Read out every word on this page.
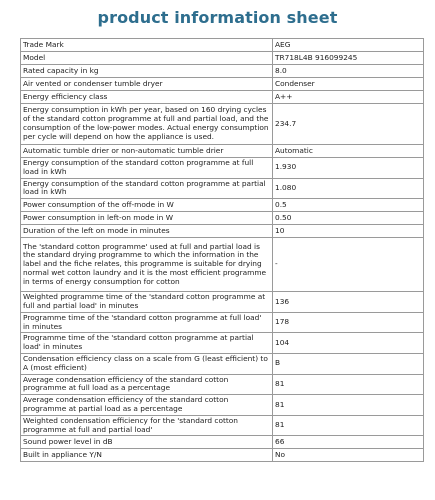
product information sheet
Trade Mark	AEG
Model	TR718L4B 916099245
Rated capacity in kg	8.0
Air vented or condenser tumble dryer	Condenser
Energy efficiency class	A++
Energy consumption in kWh per year, based on 160 drying cycles of the standard cotton programme at full and partial load, and the consumption of the low-power modes. Actual energy consumption per cycle will depend on how the appliance is used.	234.7
Automatic tumble drier or non-automatic tumble drier	Automatic
Energy consumption of the standard cotton programme at full load in kWh	1.930
Energy consumption of the standard cotton programme at partial load in kWh	1.080
Power consumption of the off-mode in W	0.5
Power consumption in left-on mode in W	0.50
Duration of the left on mode in minutes	10
The 'standard cotton programme' used at full and partial load is the standard drying programme to which the information in the label and the fiche relates, this programme is suitable for drying normal wet cotton laundry and it is the most efficient programme in terms of energy consumption for cotton	-
Weighted programme time of the 'standard cotton programme at full and partial load' in minutes	136
Programme time of the 'standard cotton programme at full load' in minutes	178
Programme time of the 'standard cotton programme at partial load' in minutes	104
Condensation efficiency class on a scale from G (least efficient) to A (most efficient)	B
Average condensation efficiency of the standard cotton programme at full load as a percentage	81
Average condensation efficiency of the standard cotton programme at partial load as a percentage	81
Weighted condensation efficiency for the 'standard cotton programme at full and partial load'	81
Sound power level in dB	66
Built in appliance Y/N	No
